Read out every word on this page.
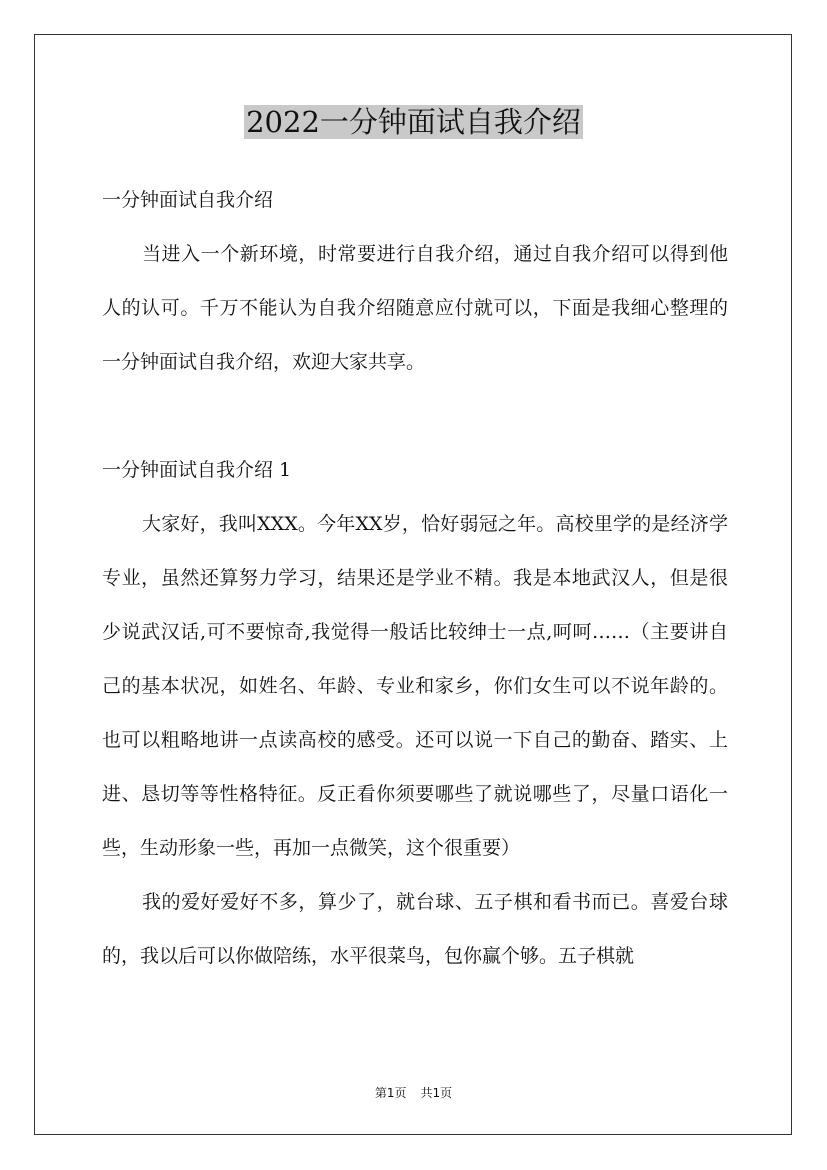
2022一分钟面试自我介绍

一分钟面试自我介绍

当进入一个新环境，时常要进行自我介绍，通过自我介绍可以得到他人的认可。千万不能认为自我介绍随意应付就可以，下面是我细心整理的一分钟面试自我介绍，欢迎大家共享。

一分钟面试自我介绍 1

大家好，我叫XXX。今年XX岁，恰好弱冠之年。高校里学的是经济学专业，虽然还算努力学习，结果还是学业不精。我是本地武汉人，但是很少说武汉话,可不要惊奇,我觉得一般话比较绅士一点,呵呵……（主要讲自己的基本状况，如姓名、年龄、专业和家乡，你们女生可以不说年龄的。也可以粗略地讲一点读高校的感受。还可以说一下自己的勤奋、踏实、上进、恳切等等性格特征。反正看你须要哪些了就说哪些了，尽量口语化一些，生动形象一些，再加一点微笑，这个很重要）

我的爱好爱好不多，算少了，就台球、五子棋和看书而已。喜爱台球的，我以后可以你做陪练，水平很菜鸟，包你赢个够。五子棋就

第1页 共1页
